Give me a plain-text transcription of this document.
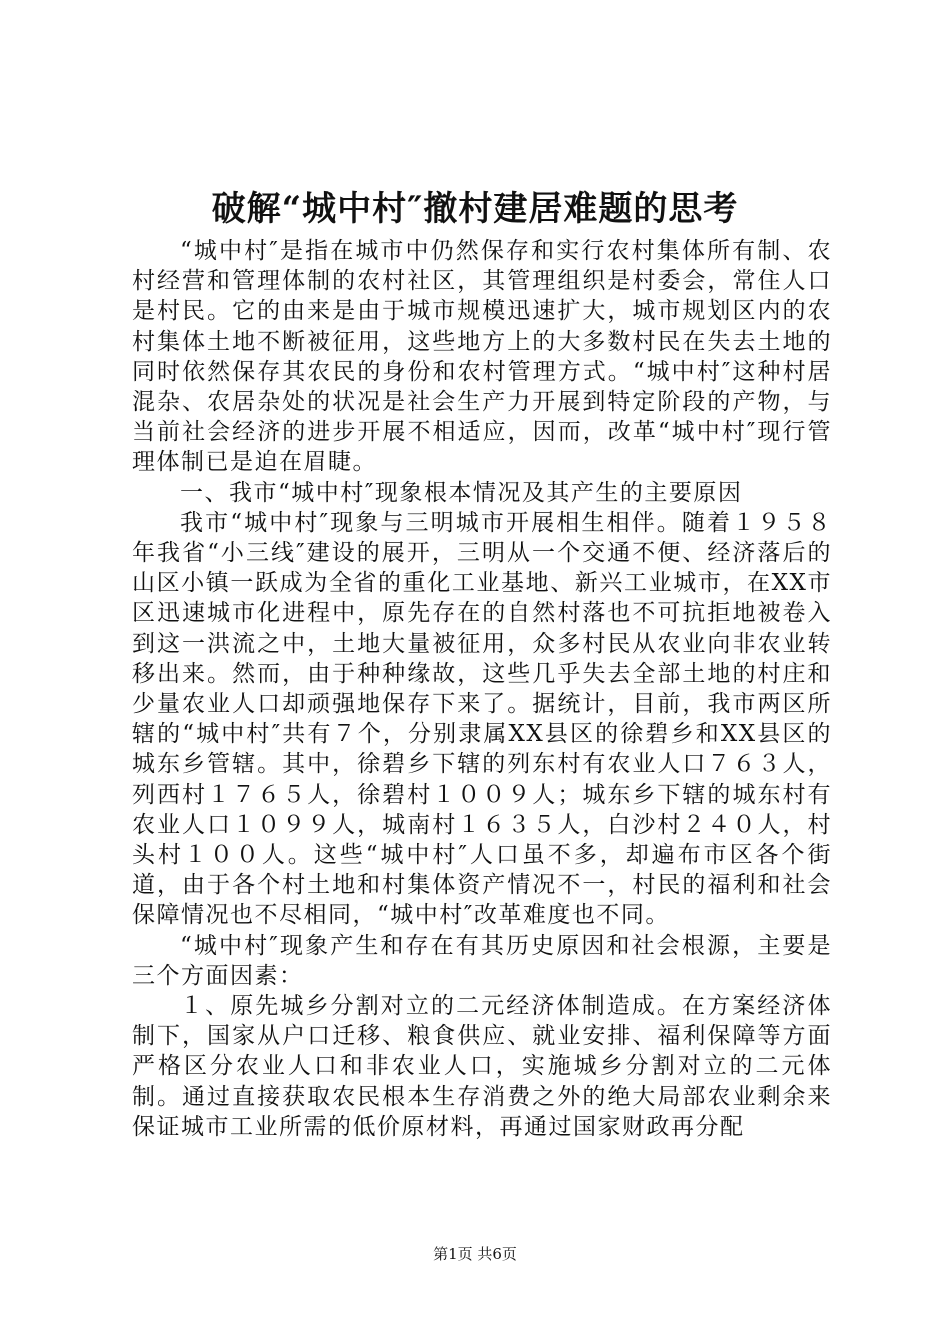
破解“城中村″撤村建居难题的思考

“城中村″是指在城市中仍然保存和实行农村集体所有制、农村经营和管理体制的农村社区，其管理组织是村委会，常住人口是村民。它的由来是由于城市规模迅速扩大，城市规划区内的农村集体土地不断被征用，这些地方上的大多数村民在失去土地的同时依然保存其农民的身份和农村管理方式。“城中村″这种村居混杂、农居杂处的状况是社会生产力开展到特定阶段的产物，与当前社会经济的进步开展不相适应，因而，改革“城中村″现行管理体制已是迫在眉睫。

一、我市“城中村″现象根本情况及其产生的主要原因

我市“城中村″现象与三明城市开展相生相伴。随着１９５８年我省“小三线″建设的展开，三明从一个交通不便、经济落后的山区小镇一跃成为全省的重化工业基地、新兴工业城市，在XX市区迅速城市化进程中，原先存在的自然村落也不可抗拒地被卷入到这一洪流之中，土地大量被征用，众多村民从农业向非农业转移出来。然而，由于种种缘故，这些几乎失去全部土地的村庄和少量农业人口却顽强地保存下来了。据统计，目前，我市两区所辖的“城中村″共有７个，分别隶属XX县区的徐碧乡和XX县区的城东乡管辖。其中，徐碧乡下辖的列东村有农业人口７６３人，列西村１７６５人，徐碧村１００９人；城东乡下辖的城东村有农业人口１０９９人，城南村１６３５人，白沙村２４０人，村头村１００人。这些“城中村″人口虽不多，却遍布市区各个街道，由于各个村土地和村集体资产情况不一，村民的福利和社会保障情况也不尽相同，“城中村″改革难度也不同。

“城中村″现象产生和存在有其历史原因和社会根源，主要是三个方面因素：

１、原先城乡分割对立的二元经济体制造成。在方案经济体制下，国家从户口迁移、粮食供应、就业安排、福利保障等方面严格区分农业人口和非农业人口，实施城乡分割对立的二元体制。通过直接获取农民根本生存消费之外的绝大局部农业剩余来保证城市工业所需的低价原材料，再通过国家财政再分配

第1页 共6页
